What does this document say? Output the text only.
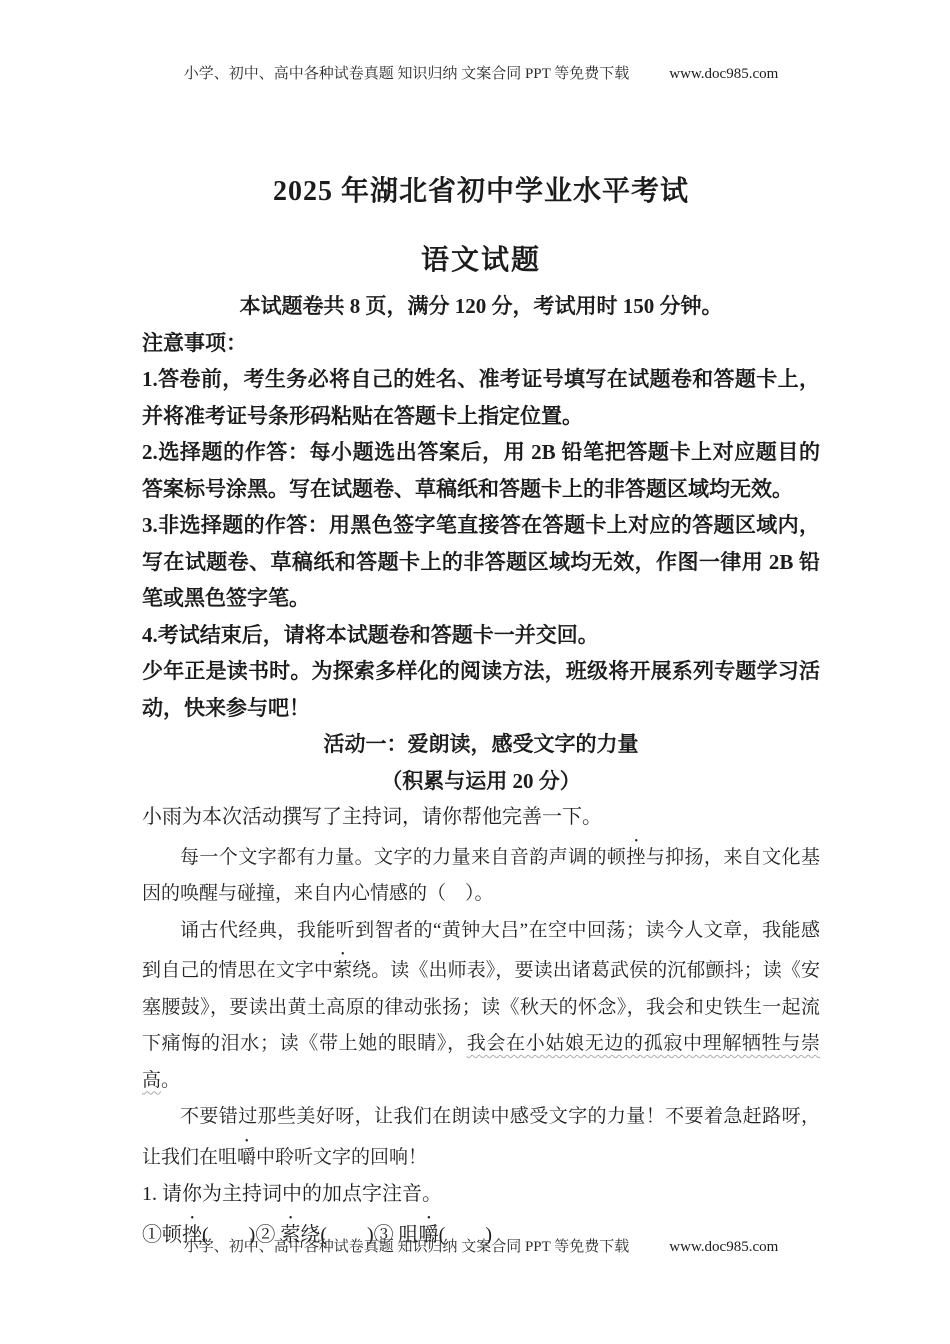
小学、初中、高中各种试卷真题 知识归纳 文案合同 PPT 等免费下载	www.doc985.com
2025 年湖北省初中学业水平考试
语文试题

本试题卷共 8 页，满分 120 分，考试用时 150 分钟。

注意事项：

1.答卷前，考生务必将自己的姓名、准考证号填写在试题卷和答题卡上，并将准考证号条形码粘贴在答题卡上指定位置。

2.选择题的作答：每小题选出答案后，用 2B 铅笔把答题卡上对应题目的答案标号涂黑。写在试题卷、草稿纸和答题卡上的非答题区域均无效。

3.非选择题的作答：用黑色签字笔直接答在答题卡上对应的答题区域内，写在试题卷、草稿纸和答题卡上的非答题区域均无效，作图一律用 2B 铅笔或黑色签字笔。

4.考试结束后，请将本试题卷和答题卡一并交回。

少年正是读书时。为探索多样化的阅读方法，班级将开展系列专题学习活动，快来参与吧！

活动一：爱朗读，感受文字的力量

（积累与运用 20 分）

小雨为本次活动撰写了主持词，请你帮他完善一下。

每一个文字都有力量。文字的力量来自音韵声调的顿挫与抑扬，来自文化基因的唤醒与碰撞，来自内心情感的（　）。

诵古代经典，我能听到智者的“黄钟大吕”在空中回荡；读今人文章，我能感到自己的情思在文字中萦绕。读《出师表》，要读出诸葛武侯的沉郁颤抖；读《安塞腰鼓》，要读出黄土高原的律动张扬；读《秋天的怀念》，我会和史铁生一起流下痛悔的泪水；读《带上她的眼睛》，我会在小姑娘无边的孤寂中理解牺牲与崇高。

不要错过那些美好呀，让我们在朗读中感受文字的力量！不要着急赶路呀，让我们在咀嚼中聆听文字的回响！

1. 请你为主持词中的加点字注音。

①顿挫(　　)② 萦绕(　　)③ 咀嚼(　　)

小学、初中、高中各种试卷真题 知识归纳 文案合同 PPT 等免费下载	www.doc985.com
